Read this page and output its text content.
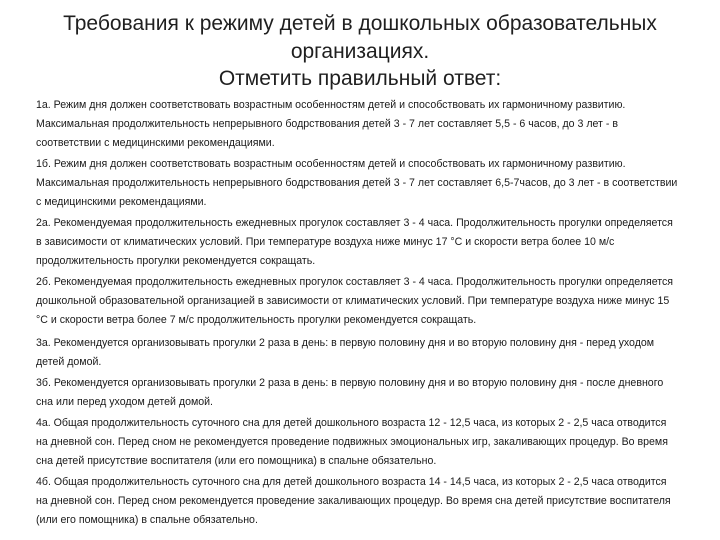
Требования к режиму детей в дошкольных образовательных организациях.
Отметить правильный ответ:
1а. Режим дня должен соответствовать возрастным особенностям детей и способствовать их гармоничному развитию. Максимальная продолжительность непрерывного бодрствования детей 3 - 7 лет составляет 5,5 - 6 часов, до 3 лет - в соответствии с медицинскими рекомендациями.
1б. Режим дня должен соответствовать возрастным особенностям детей и способствовать их гармоничному развитию. Максимальная продолжительность непрерывного бодрствования детей 3 - 7 лет составляет 6,5-7часов, до 3 лет - в соответствии с медицинскими рекомендациями.
2а. Рекомендуемая продолжительность ежедневных прогулок составляет 3 - 4 часа. Продолжительность прогулки определяется в зависимости от климатических условий. При температуре воздуха ниже минус 17 °С и скорости ветра более 10 м/с продолжительность прогулки рекомендуется сокращать.
2б. Рекомендуемая продолжительность ежедневных прогулок составляет 3 - 4 часа. Продолжительность прогулки определяется дошкольной образовательной организацией в зависимости от климатических условий. При температуре воздуха ниже минус 15 °С и скорости ветра более 7 м/с продолжительность прогулки рекомендуется сокращать.
3а. Рекомендуется организовывать прогулки 2 раза в день: в первую половину дня и во вторую половину дня - перед уходом детей домой.
3б. Рекомендуется организовывать прогулки 2 раза в день: в первую половину дня и во вторую половину дня - после дневного сна или перед уходом детей домой.
4а. Общая продолжительность суточного сна для детей дошкольного возраста 12 - 12,5 часа, из которых 2 - 2,5 часа отводится на дневной сон. Перед сном не рекомендуется проведение подвижных эмоциональных игр, закаливающих процедур. Во время сна детей присутствие воспитателя (или его помощника) в спальне обязательно.
4б. Общая продолжительность суточного сна для детей дошкольного возраста 14 - 14,5 часа, из которых 2 - 2,5 часа отводится на дневной сон. Перед сном рекомендуется проведение закаливающих процедур. Во время сна детей присутствие воспитателя (или его помощника) в спальне обязательно.
